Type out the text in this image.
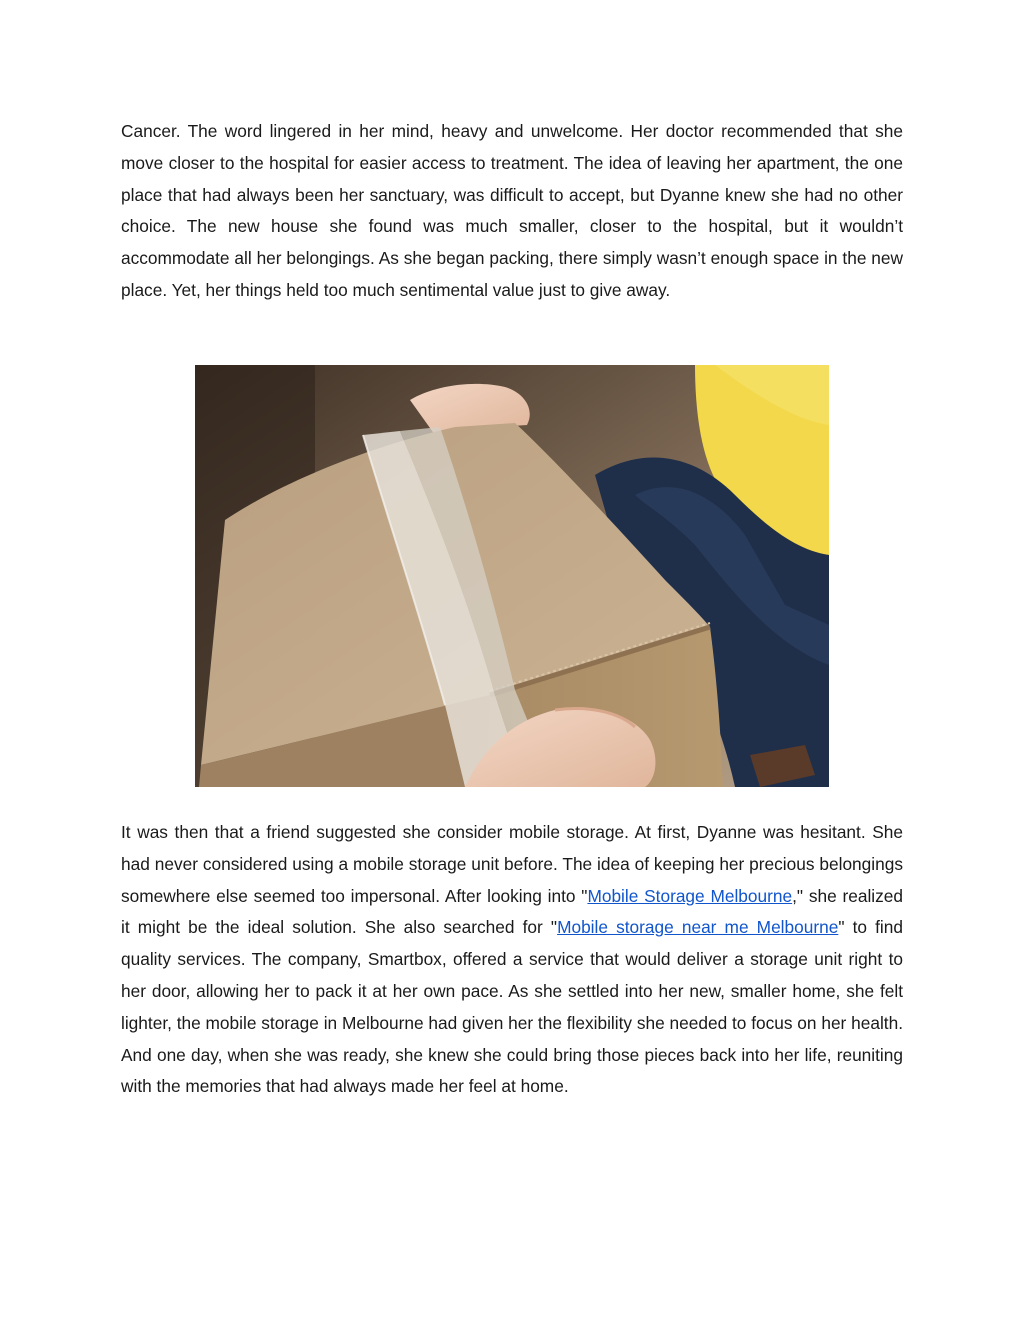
Cancer. The word lingered in her mind, heavy and unwelcome. Her doctor recommended that she move closer to the hospital for easier access to treatment. The idea of leaving her apartment, the one place that had always been her sanctuary, was difficult to accept, but Dyanne knew she had no other choice. The new house she found was much smaller, closer to the hospital, but it wouldn’t accommodate all her belongings. As she began packing, there simply wasn’t enough space in the new place. Yet, her things held too much sentimental value just to give away.

It was then that a friend suggested she consider mobile storage. At first, Dyanne was hesitant. She had never considered using a mobile storage unit before. The idea of keeping her precious belongings somewhere else seemed too impersonal. After looking into "Mobile Storage Melbourne," she realized it might be the ideal solution. She also searched for "Mobile storage near me Melbourne" to find quality services. The company, Smartbox, offered a service that would deliver a storage unit right to her door, allowing her to pack it at her own pace. As she settled into her new, smaller home, she felt lighter, the mobile storage in Melbourne had given her the flexibility she needed to focus on her health. And one day, when she was ready, she knew she could bring those pieces back into her life, reuniting with the memories that had always made her feel at home.
